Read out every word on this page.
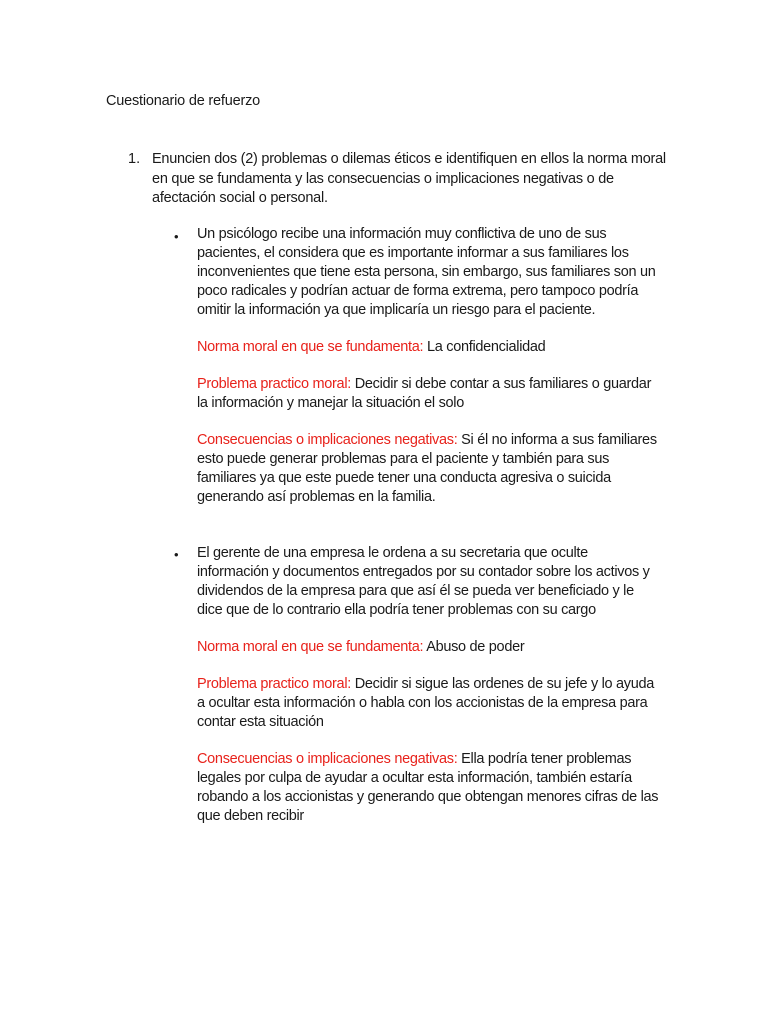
Cuestionario de refuerzo
1. Enuncien dos (2) problemas o dilemas éticos e identifiquen en ellos la norma moral en que se fundamenta y las consecuencias o implicaciones negativas o de afectación social o personal.

• Un psicólogo recibe una información muy conflictiva de uno de sus pacientes, el considera que es importante informar a sus familiares los inconvenientes que tiene esta persona, sin embargo, sus familiares son un poco radicales y podrían actuar de forma extrema, pero tampoco podría omitir la información ya que implicaría un riesgo para el paciente.

Norma moral en que se fundamenta: La confidencialidad

Problema practico moral: Decidir si debe contar a sus familiares o guardar la información y manejar la situación el solo

Consecuencias o implicaciones negativas: Si él no informa a sus familiares esto puede generar problemas para el paciente y también para sus familiares ya que este puede tener una conducta agresiva o suicida generando así problemas en la familia.

• El gerente de una empresa le ordena a su secretaria que oculte información y documentos entregados por su contador sobre los activos y dividendos de la empresa para que así él se pueda ver beneficiado y le dice que de lo contrario ella podría tener problemas con su cargo

Norma moral en que se fundamenta: Abuso de poder

Problema practico moral: Decidir si sigue las ordenes de su jefe y lo ayuda a ocultar esta información o habla con los accionistas de la empresa para contar esta situación

Consecuencias o implicaciones negativas: Ella podría tener problemas legales por culpa de ayudar a ocultar esta información, también estaría robando a los accionistas y generando que obtengan menores cifras de las que deben recibir
